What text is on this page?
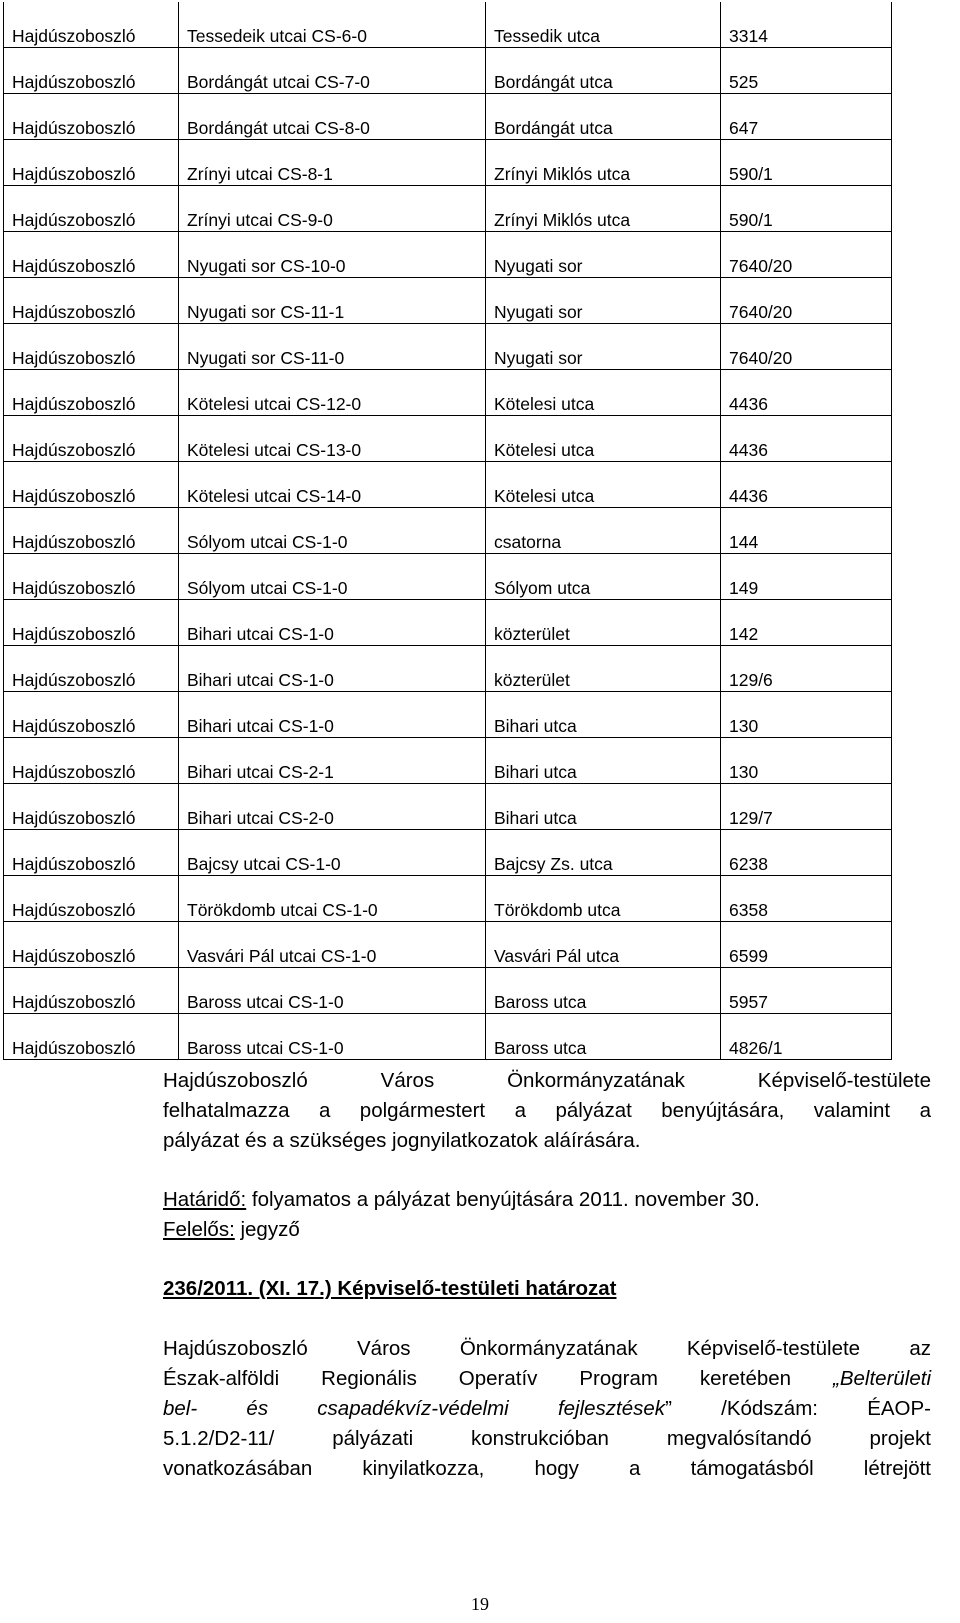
Hajdúszoboszló	Tessedeik utcai CS-6-0	Tessedik utca	3314
Hajdúszoboszló	Bordángát utcai CS-7-0	Bordángát utca	525
Hajdúszoboszló	Bordángát utcai CS-8-0	Bordángát utca	647
Hajdúszoboszló	Zrínyi utcai CS-8-1	Zrínyi Miklós utca	590/1
Hajdúszoboszló	Zrínyi utcai CS-9-0	Zrínyi Miklós utca	590/1
Hajdúszoboszló	Nyugati sor CS-10-0	Nyugati sor	7640/20
Hajdúszoboszló	Nyugati sor CS-11-1	Nyugati sor	7640/20
Hajdúszoboszló	Nyugati sor CS-11-0	Nyugati sor	7640/20
Hajdúszoboszló	Kötelesi utcai CS-12-0	Kötelesi utca	4436
Hajdúszoboszló	Kötelesi utcai CS-13-0	Kötelesi utca	4436
Hajdúszoboszló	Kötelesi utcai CS-14-0	Kötelesi utca	4436
Hajdúszoboszló	Sólyom utcai CS-1-0	csatorna	144
Hajdúszoboszló	Sólyom utcai CS-1-0	Sólyom utca	149
Hajdúszoboszló	Bihari utcai CS-1-0	közterület	142
Hajdúszoboszló	Bihari utcai CS-1-0	közterület	129/6
Hajdúszoboszló	Bihari utcai CS-1-0	Bihari utca	130
Hajdúszoboszló	Bihari utcai CS-2-1	Bihari utca	130
Hajdúszoboszló	Bihari utcai CS-2-0	Bihari utca	129/7
Hajdúszoboszló	Bajcsy utcai CS-1-0	Bajcsy Zs. utca	6238
Hajdúszoboszló	Törökdomb utcai CS-1-0	Törökdomb utca	6358
Hajdúszoboszló	Vasvári Pál utcai CS-1-0	Vasvári Pál utca	6599
Hajdúszoboszló	Baross utcai CS-1-0	Baross utca	5957
Hajdúszoboszló	Baross utcai CS-1-0	Baross utca	4826/1
Hajdúszoboszló Város Önkormányzatának Képviselő-testülete
felhatalmazza a polgármestert a pályázat benyújtására, valamint a
pályázat és a szükséges jognyilatkozatok aláírására.
Határidő: folyamatos a pályázat benyújtására 2011. november 30.
Felelős: jegyző
236/2011. (XI. 17.) Képviselő-testületi határozat
Hajdúszoboszló Város Önkormányzatának Képviselő-testülete az
Észak-alföldi Regionális Operatív Program keretében „Belterületi
bel- és csapadékvíz-védelmi fejlesztések” /Kódszám: ÉAOP-
5.1.2/D2-11/ pályázati konstrukcióban megvalósítandó projekt
vonatkozásában kinyilatkozza, hogy a támogatásból létrejött
19
